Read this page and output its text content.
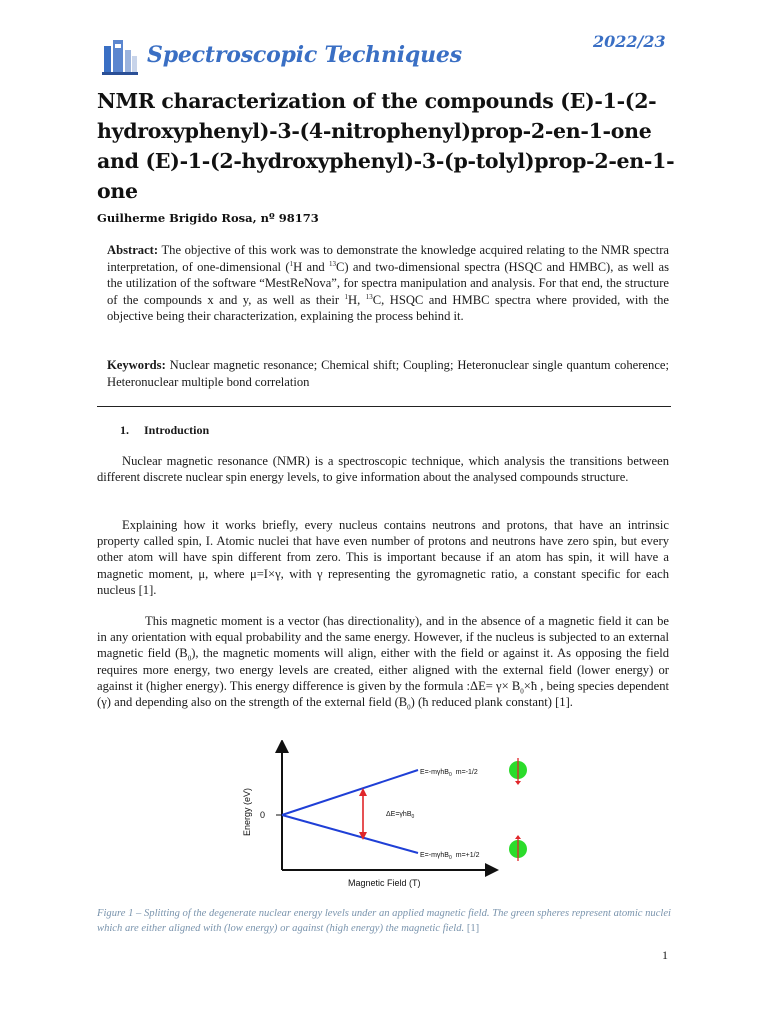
Spectroscopic Techniques
2022/23
NMR characterization of the compounds (E)-1-(2-hydroxyphenyl)-3-(4-nitrophenyl)prop-2-en-1-one and (E)-1-(2-hydroxyphenyl)-3-(p-tolyl)prop-2-en-1-one
Guilherme Brigido Rosa, nº 98173

Abstract: The objective of this work was to demonstrate the knowledge acquired relating to the NMR spectra interpretation, of one-dimensional ($^1$H and $^{13}$C) and two-dimensional spectra (HSQC and HMBC), as well as the utilization of the software “MestReNova”, for spectra manipulation and analysis. For that end, the structure of the compounds x and y, as well as their $^1$H, $^{13}$C, HSQC and HMBC spectra where provided, with the objective being their characterization, explaining the process behind it.

Keywords: Nuclear magnetic resonance; Chemical shift; Coupling; Heteronuclear single quantum coherence; Heteronuclear multiple bond correlation

1. Introduction

Nuclear magnetic resonance (NMR) is a spectroscopic technique, which analysis the transitions between different discrete nuclear spin energy levels, to give information about the analysed compounds structure.

Explaining how it works briefly, every nucleus contains neutrons and protons, that have an intrinsic property called spin, I. Atomic nuclei that have even number of protons and neutrons have zero spin, but every other atom will have spin different from zero. This is important because if an atom has spin, it will have a magnetic moment, μ, where μ=I×γ, with γ representing the gyromagnetic ratio, a constant specific for each nucleus [1].

This magnetic moment is a vector (has directionality), and in the absence of a magnetic field it can be in any orientation with equal probability and the same energy. However, if the nucleus is subjected to an external magnetic field $(B_0)$, the magnetic moments will align, either with the field or against it. As opposing the field requires more energy, two energy levels are created, either aligned with the external field (lower energy) or against it (higher energy). This energy difference is given by the formula :ΔE= $\gamma\times B_0\times ħ$ , being species dependent (γ) and depending also on the strength of the external field $(B_0)$ (ħ reduced plank constant) [1].

Energy (eV) 0	ΔE=γhB$_0$
E=-mγhB$_0$ m=-1/2
E=-mγhB$_0$ m=+1/2
Magnetic Field (T)

Figure 1 – Splitting of the degenerate nuclear energy levels under an applied magnetic field. The green spheres represent atomic nuclei which are either aligned with (low energy) or against (high energy) the magnetic field. [1]

1
